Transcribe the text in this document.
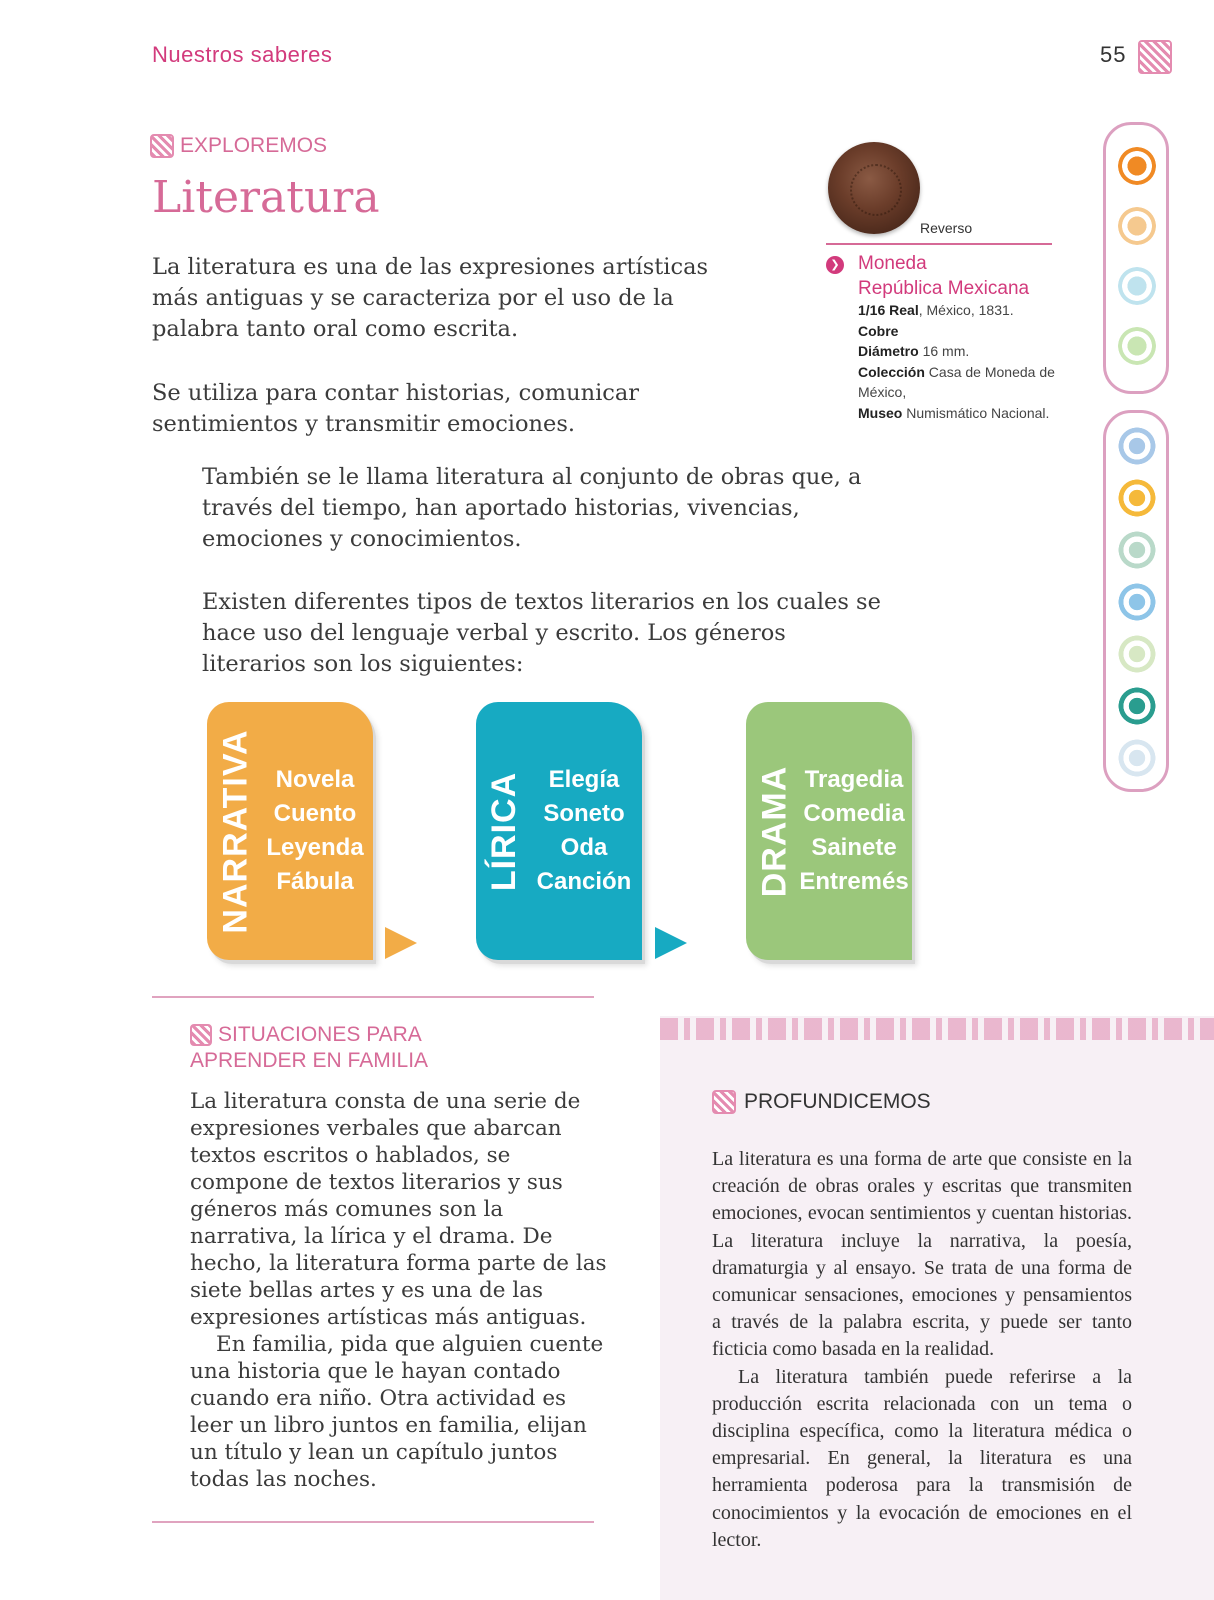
Nuestros saberes	55
EXPLOREMOS
Literatura

La literatura es una de las expresiones artísticas más antiguas y se caracteriza por el uso de la palabra tanto oral como escrita.

Se utiliza para contar historias, comunicar sentimientos y transmitir emociones.

También se le llama literatura al conjunto de obras que, a través del tiempo, han aportado historias, vivencias, emociones y conocimientos.

Existen diferentes tipos de textos literarios en los cuales se hace uso del lenguaje verbal y escrito. Los géneros literarios son los siguientes:

Reverso
❯ Moneda
República Mexicana
1/16 Real, México, 1831.
Cobre
Diámetro 16 mm.
Colección Casa de Moneda de México,
Museo Numismático Nacional.
NARRATIVA Novela
Cuento
Leyenda
Fábula	LÍRICA Elegía
Soneto
Oda
Canción	DRAMA Tragedia
Comedia
Sainete
Entremés
SITUACIONES PARA
APRENDER EN FAMILIA

La literatura consta de una serie de expresiones verbales que abarcan textos escritos o hablados, se compone de textos literarios y sus géneros más comunes son la narrativa, la lírica y el drama. De hecho, la literatura forma parte de las siete bellas artes y es una de las expresiones artísticas más antiguas.

En familia, pida que alguien cuente una historia que le hayan contado cuando era niño. Otra actividad es leer un libro juntos en familia, elijan un título y lean un capítulo juntos todas las noches.

PROFUNDICEMOS

La literatura es una forma de arte que consiste en la creación de obras orales y escritas que transmiten emociones, evocan sentimientos y cuentan historias. La literatura incluye la narrativa, la poesía, dramaturgia y al ensayo. Se trata de una forma de comunicar sensaciones, emociones y pensamientos a través de la palabra escrita, y puede ser tanto ficticia como basada en la realidad.

La literatura también puede referirse a la producción escrita relacionada con un tema o disciplina específica, como la literatura médica o empresarial. En general, la literatura es una herramienta poderosa para la transmisión de conocimientos y la evocación de emociones en el lector.
